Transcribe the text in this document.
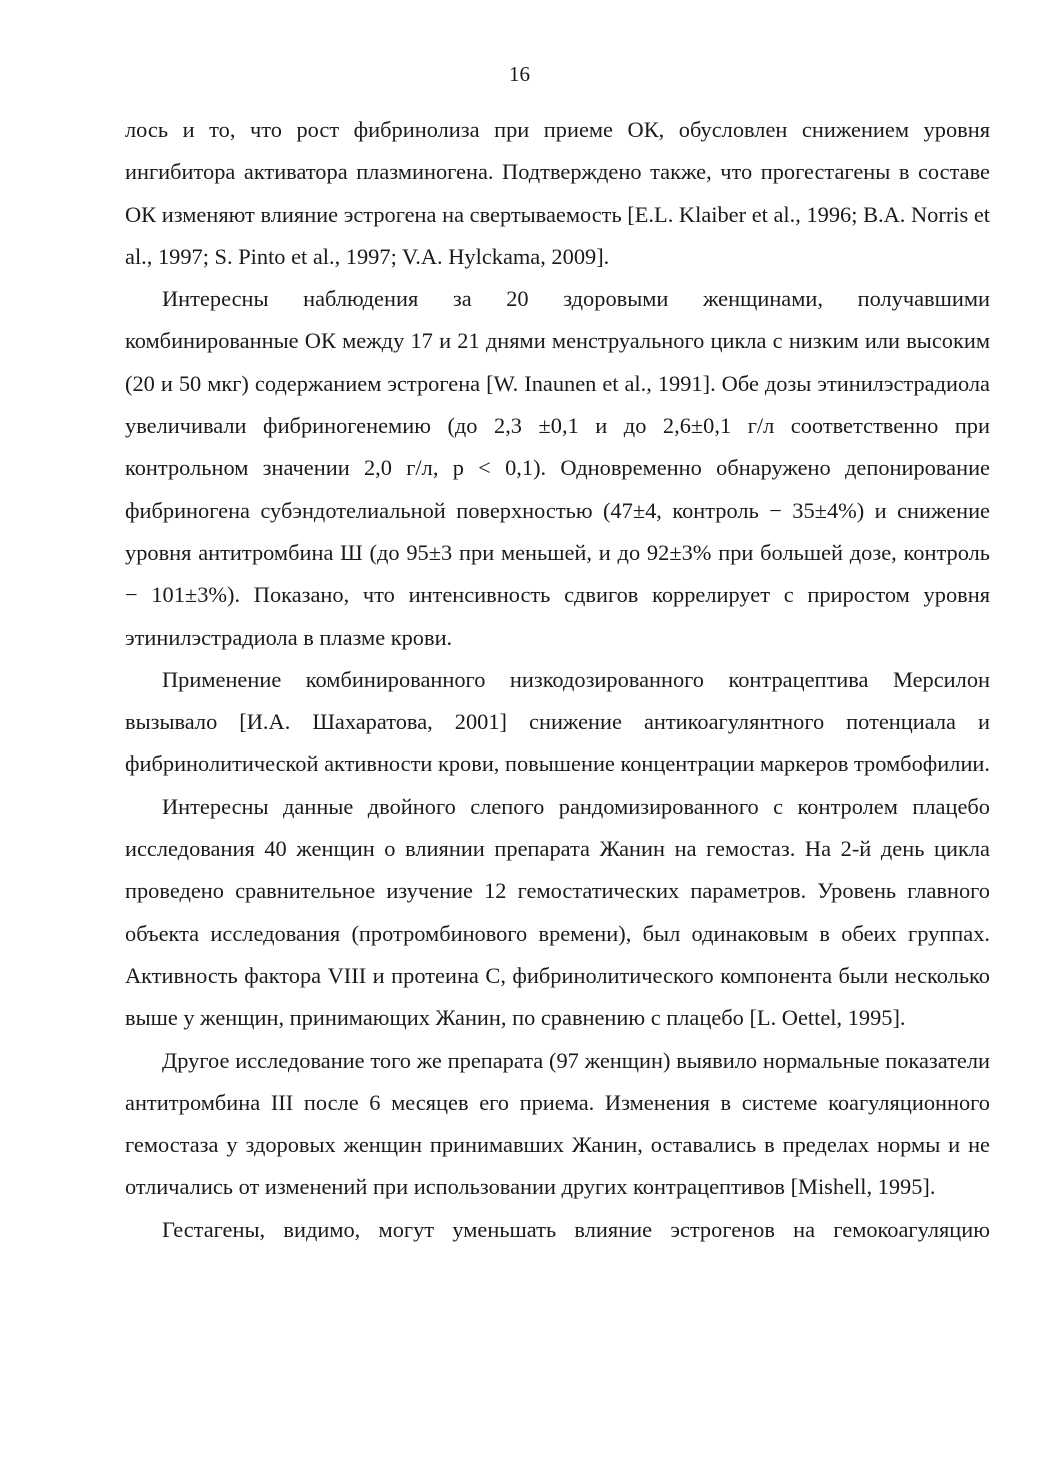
16

лось и то, что рост фибринолиза при приеме ОК, обусловлен снижением уровня ингибитора активатора плазминогена. Подтверждено также, что прогестагены в составе ОК изменяют влияние эстрогена на свертываемость [E.L. Klaiber et al., 1996; B.A. Norris et al., 1997; S. Pinto et al., 1997; V.A. Hylckama, 2009].

Интересны наблюдения за 20 здоровыми женщинами, получавшими комбинированные ОК между 17 и 21 днями менструального цикла с низким или высоким (20 и 50 мкг) содержанием эстрогена [W. Inaunen et al., 1991]. Обе дозы этинилэстрадиола увеличивали фибриногенемию (до 2,3 ±0,1 и до 2,6±0,1 г/л соответственно при контрольном значении 2,0 г/л, p < 0,1). Одновременно обнаружено депонирование фибриногена субэндотелиальной поверхностью (47±4, контроль − 35±4%) и снижение уровня антитромбина Ш (до 95±3 при меньшей, и до 92±3% при большей дозе, контроль − 101±3%). Показано, что интенсивность сдвигов коррелирует с приростом уровня этинилэстрадиола в плазме крови.

Применение комбинированного низкодозированного контрацептива Мерсилон вызывало [И.А. Шахаратова, 2001] снижение антикоагулянтного потенциала и фибринолитической активности крови, повышение концентрации маркеров тромбофилии.

Интересны данные двойного слепого рандомизированного с контролем плацебо исследования 40 женщин о влиянии препарата Жанин на гемостаз. На 2-й день цикла проведено сравнительное изучение 12 гемостатических параметров. Уровень главного объекта исследования (протромбинового времени), был одинаковым в обеих группах. Активность фактора VIII и протеина С, фибринолитического компонента были несколько выше у женщин, принимающих Жанин, по сравнению с плацебо [L. Oettel, 1995].

Другое исследование того же препарата (97 женщин) выявило нормальные показатели антитромбина III после 6 месяцев его приема. Изменения в системе коагуляционного гемостаза у здоровых женщин принимавших Жанин, оставались в пределах нормы и не отличались от изменений при использовании других контрацептивов [Mishell, 1995].

Гестагены, видимо, могут уменьшать влияние эстрогенов на гемокоагуляцию
